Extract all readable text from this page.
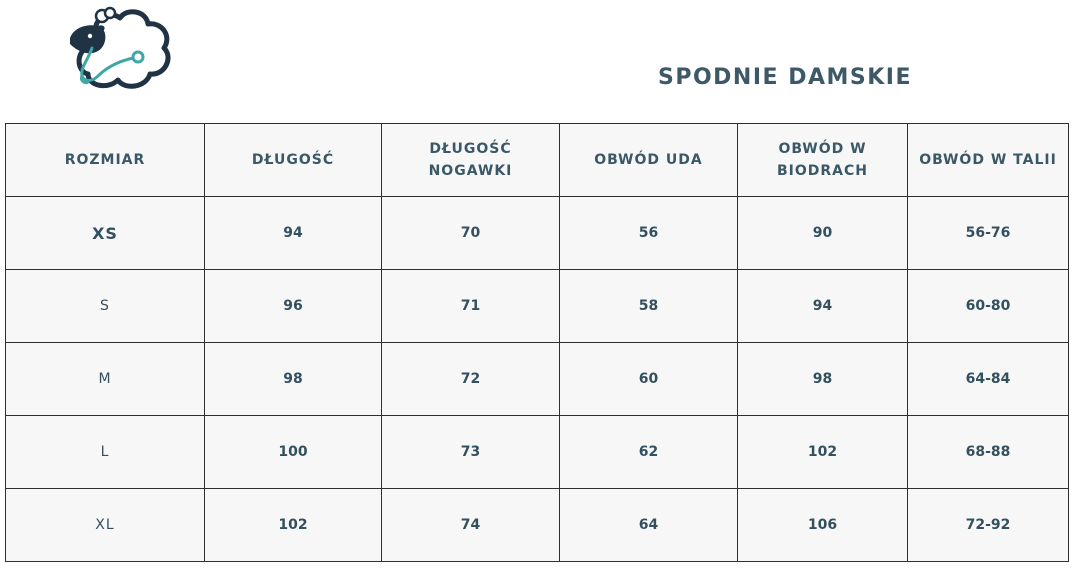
SPODNIE DAMSKIE
ROZMIAR	DŁUGOŚĆ	DŁUGOŚĆ NOGAWKI	OBWÓD UDA	OBWÓD W BIODRACH	OBWÓD W TALII
XS	94	70	56	90	56-76
S	96	71	58	94	60-80
M	98	72	60	98	64-84
L	100	73	62	102	68-88
XL	102	74	64	106	72-92
